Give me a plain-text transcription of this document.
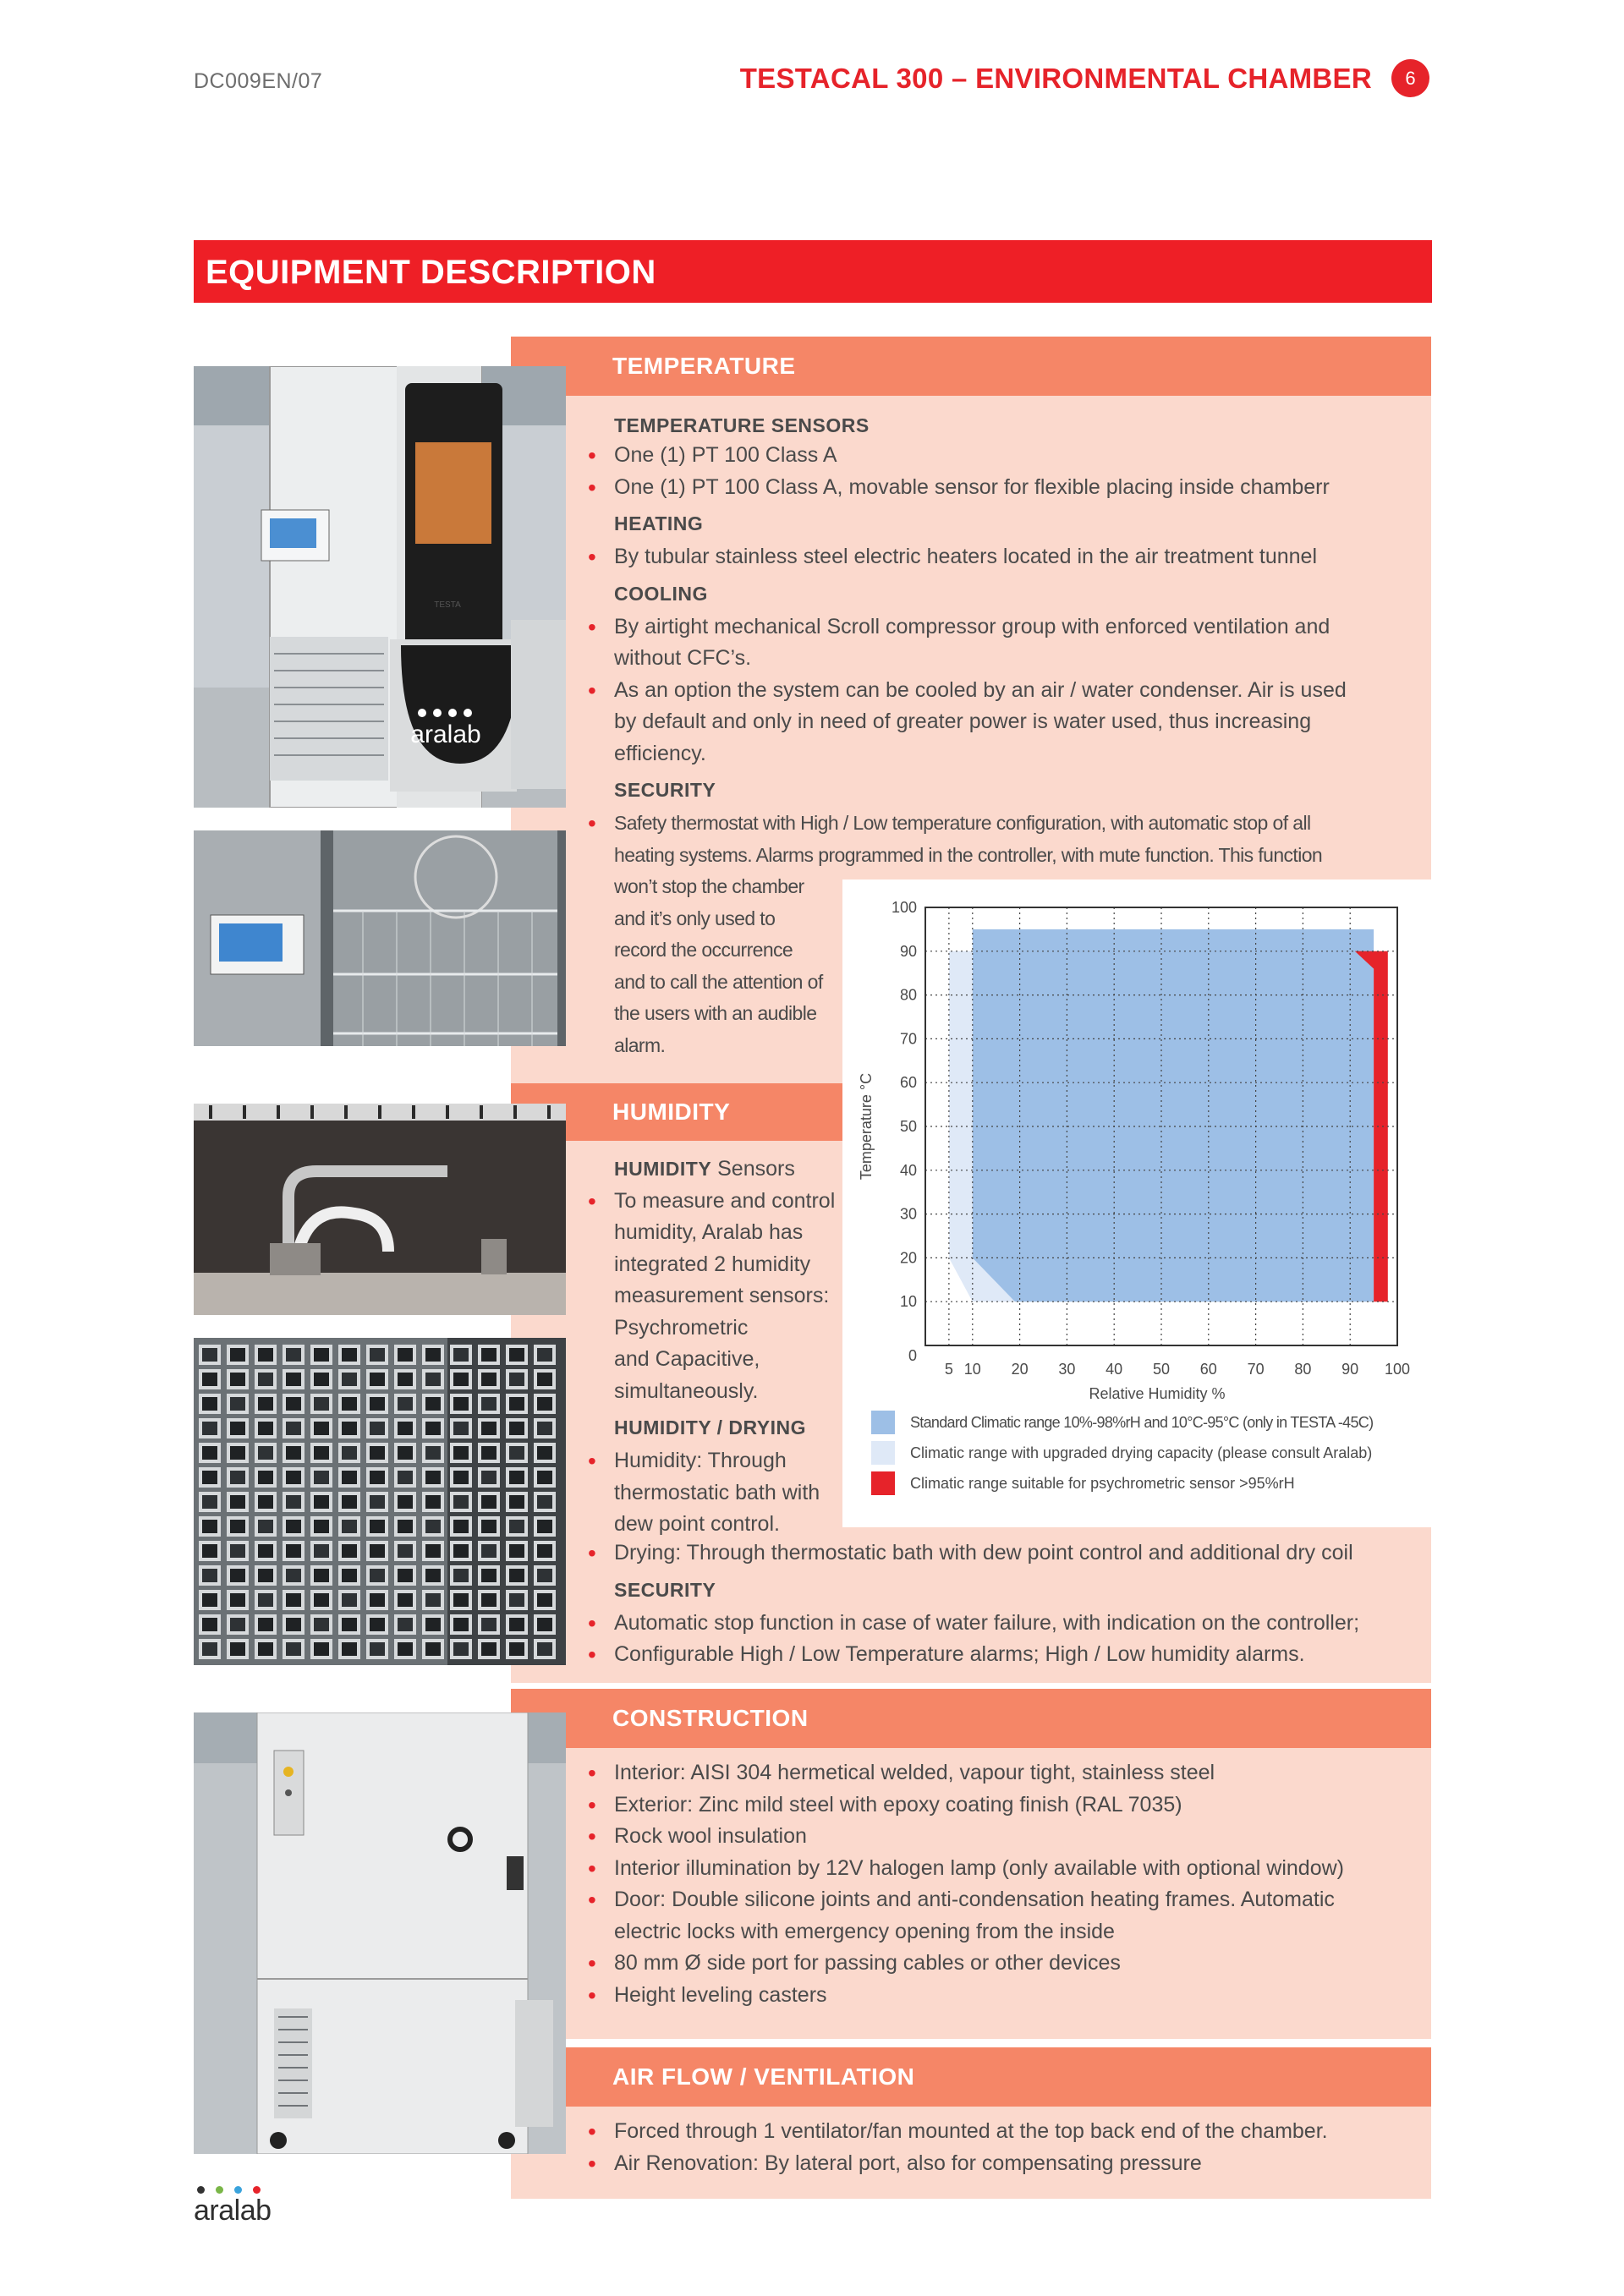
DC009EN/07	TESTACAL 300 – ENVIRONMENTAL CHAMBER	6
EQUIPMENT DESCRIPTION
TEMPERATURE
TEMPERATURE SENSORS
• One (1) PT 100 Class A
• One (1) PT 100 Class A, movable sensor for flexible placing inside chamberr
HEATING
• By tubular stainless steel electric heaters located in the air treatment tunnel
COOLING
• By airtight mechanical Scroll compressor group with enforced ventilation and
without CFC’s.
• As an option the system can be cooled by an air / water condenser. Air is used
by default and only in need of greater power is water used, thus increasing
efficiency.
SECURITY
• Safety thermostat with High / Low temperature configuration, with automatic stop of all
heating systems. Alarms programmed in the controller, with mute function. This function
won’t stop the chamber
and it’s only used to
record the occurrence
and to call the attention of
the users with an audible
alarm.
HUMIDITY
HUMIDITY Sensors
• To measure and control
humidity, Aralab has
integrated 2 humidity
measurement sensors:
Psychrometric
and Capacitive,
simultaneously.
HUMIDITY / DRYING
• Humidity: Through
thermostatic bath with
dew point control.
• Drying: Through thermostatic bath with dew point control and additional dry coil
SECURITY
• Automatic stop function in case of water failure, with indication on the controller;
• Configurable High / Low Temperature alarms; High / Low humidity alarms.
CONSTRUCTION
• Interior: AISI 304 hermetical welded, vapour tight, stainless steel
• Exterior: Zinc mild steel with epoxy coating finish (RAL 7035)
• Rock wool insulation
• Interior illumination by 12V halogen lamp (only available with optional window)
• Door: Double silicone joints and anti-condensation heating frames. Automatic
electric locks with emergency opening from the inside
• 80 mm Ø side port for passing cables or other devices
• Height leveling casters
AIR FLOW / VENTILATION
• Forced through 1 ventilator/fan mounted at the top back end of the chamber.
• Air Renovation: By lateral port, also for compensating pressure
5 10 20 30 40 50 60 70 80 90 100
0
10
20
30
40
50
60
70
80
90
100
Relative Humidity %
Temperature °C
Standard Climatic range 10%-98%rH and 10°C-95°C (only in TESTA -45C)
Climatic range with upgraded drying capacity (please consult Aralab)
Climatic range suitable for psychrometric sensor >95%rH
aralab
TESTA
aralab
